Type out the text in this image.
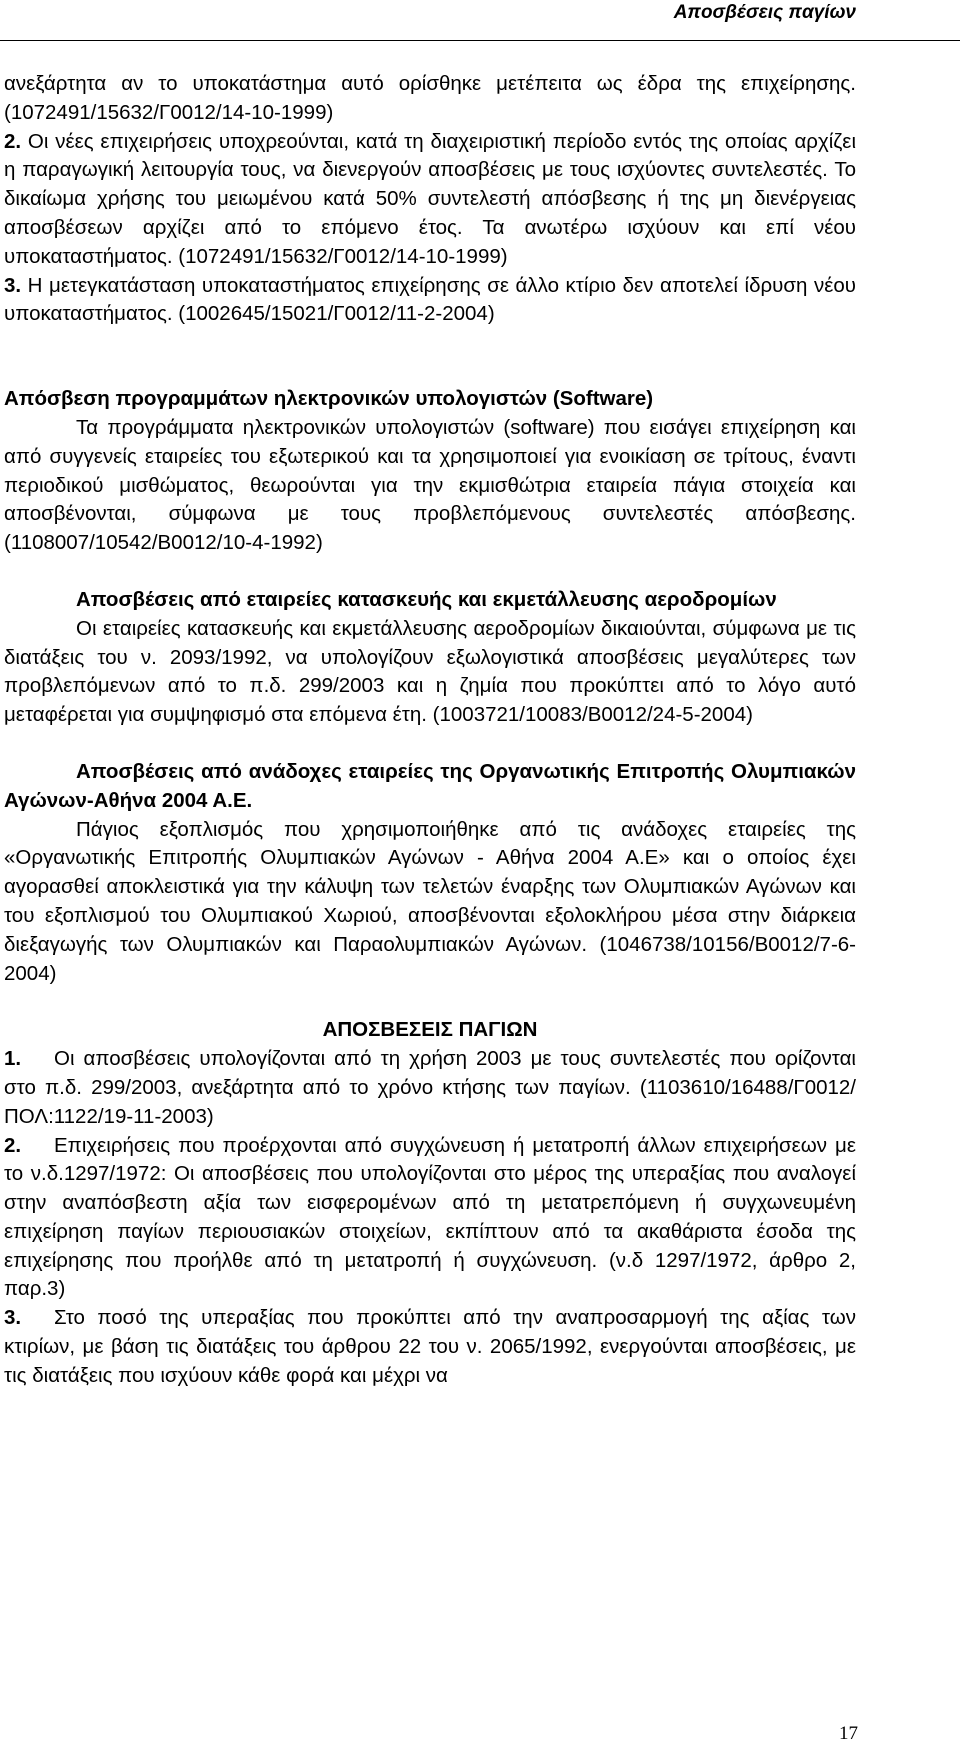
Αποσβέσεις παγίων

ανεξάρτητα αν το υποκατάστημα αυτό ορίσθηκε μετέπειτα ως έδρα της επιχείρησης. (1072491/15632/Γ0012/14-10-1999)

2. Οι νέες επιχειρήσεις υποχρεούνται, κατά τη διαχειριστική περίοδο εντός της οποίας αρχίζει η παραγωγική λειτουργία τους, να διενεργούν αποσβέσεις με τους ισχύοντες συντελεστές. Το δικαίωμα χρήσης του μειωμένου κατά 50% συντελεστή απόσβεσης ή της μη διενέργειας αποσβέσεων αρχίζει από το επόμενο έτος. Τα ανωτέρω ισχύουν και επί νέου υποκαταστήματος. (1072491/15632/Γ0012/14-10-1999)

3. Η μετεγκατάσταση υποκαταστήματος επιχείρησης σε άλλο κτίριο δεν αποτελεί ίδρυση νέου υποκαταστήματος. (1002645/15021/Γ0012/11-2-2004)

Απόσβεση προγραμμάτων ηλεκτρονικών υπολογιστών (Software)

Τα προγράμματα ηλεκτρονικών υπολογιστών (software) που εισάγει επιχείρηση και από συγγενείς εταιρείες του εξωτερικού και τα χρησιμοποιεί για ενοικίαση σε τρίτους, έναντι περιοδικού μισθώματος, θεωρούνται για την εκμισθώτρια εταιρεία πάγια στοιχεία και αποσβένονται, σύμφωνα με τους προβλεπόμενους συντελεστές απόσβεσης. (1108007/10542/Β0012/10-4-1992)

Αποσβέσεις από εταιρείες κατασκευής και εκμετάλλευσης αεροδρομίων

Οι εταιρείες κατασκευής και εκμετάλλευσης αεροδρομίων δικαιούνται, σύμφωνα με τις διατάξεις του ν. 2093/1992, να υπολογίζουν εξωλογιστικά αποσβέσεις μεγαλύτερες των προβλεπόμενων από το π.δ. 299/2003 και η ζημία που προκύπτει από το λόγο αυτό μεταφέρεται για συμψηφισμό στα επόμενα έτη. (1003721/10083/Β0012/24-5-2004)

Αποσβέσεις από ανάδοχες εταιρείες της Οργανωτικής Επιτροπής Ολυμπιακών Αγώνων-Αθήνα 2004 Α.Ε.

Πάγιος εξοπλισμός που χρησιμοποιήθηκε από τις ανάδοχες εταιρείες της «Οργανωτικής Επιτροπής Ολυμπιακών Αγώνων - Αθήνα 2004 Α.Ε» και ο οποίος έχει αγορασθεί αποκλειστικά για την κάλυψη των τελετών έναρξης των Ολυμπιακών Αγώνων και του εξοπλισμού του Ολυμπιακού Χωριού, αποσβένονται εξολοκλήρου μέσα στην διάρκεια διεξαγωγής των Ολυμπιακών και Παραολυμπιακών Αγώνων. (1046738/10156/Β0012/7-6-2004)

ΑΠΟΣΒΕΣΕΙΣ ΠΑΓΙΩΝ

1. Οι αποσβέσεις υπολογίζονται από τη χρήση 2003 με τους συντελεστές που ορίζονται στο π.δ. 299/2003, ανεξάρτητα από το χρόνο κτήσης των παγίων. (1103610/16488/Γ0012/ΠΟΛ:1122/19-11-2003)

2. Επιχειρήσεις που προέρχονται από συγχώνευση ή μετατροπή άλλων επιχειρήσεων με το ν.δ.1297/1972: Οι αποσβέσεις που υπολογίζονται στο μέρος της υπεραξίας που αναλογεί στην αναπόσβεστη αξία των εισφερομένων από τη μετατρεπόμενη ή συγχωνευμένη επιχείρηση παγίων περιουσιακών στοιχείων, εκπίπτουν από τα ακαθάριστα έσοδα της επιχείρησης που προήλθε από τη μετατροπή ή συγχώνευση. (ν.δ 1297/1972, άρθρο 2, παρ.3)

3. Στο ποσό της υπεραξίας που προκύπτει από την αναπροσαρμογή της αξίας των κτιρίων, με βάση τις διατάξεις του άρθρου 22 του ν. 2065/1992, ενεργούνται αποσβέσεις, με τις διατάξεις που ισχύουν κάθε φορά και μέχρι να

17
